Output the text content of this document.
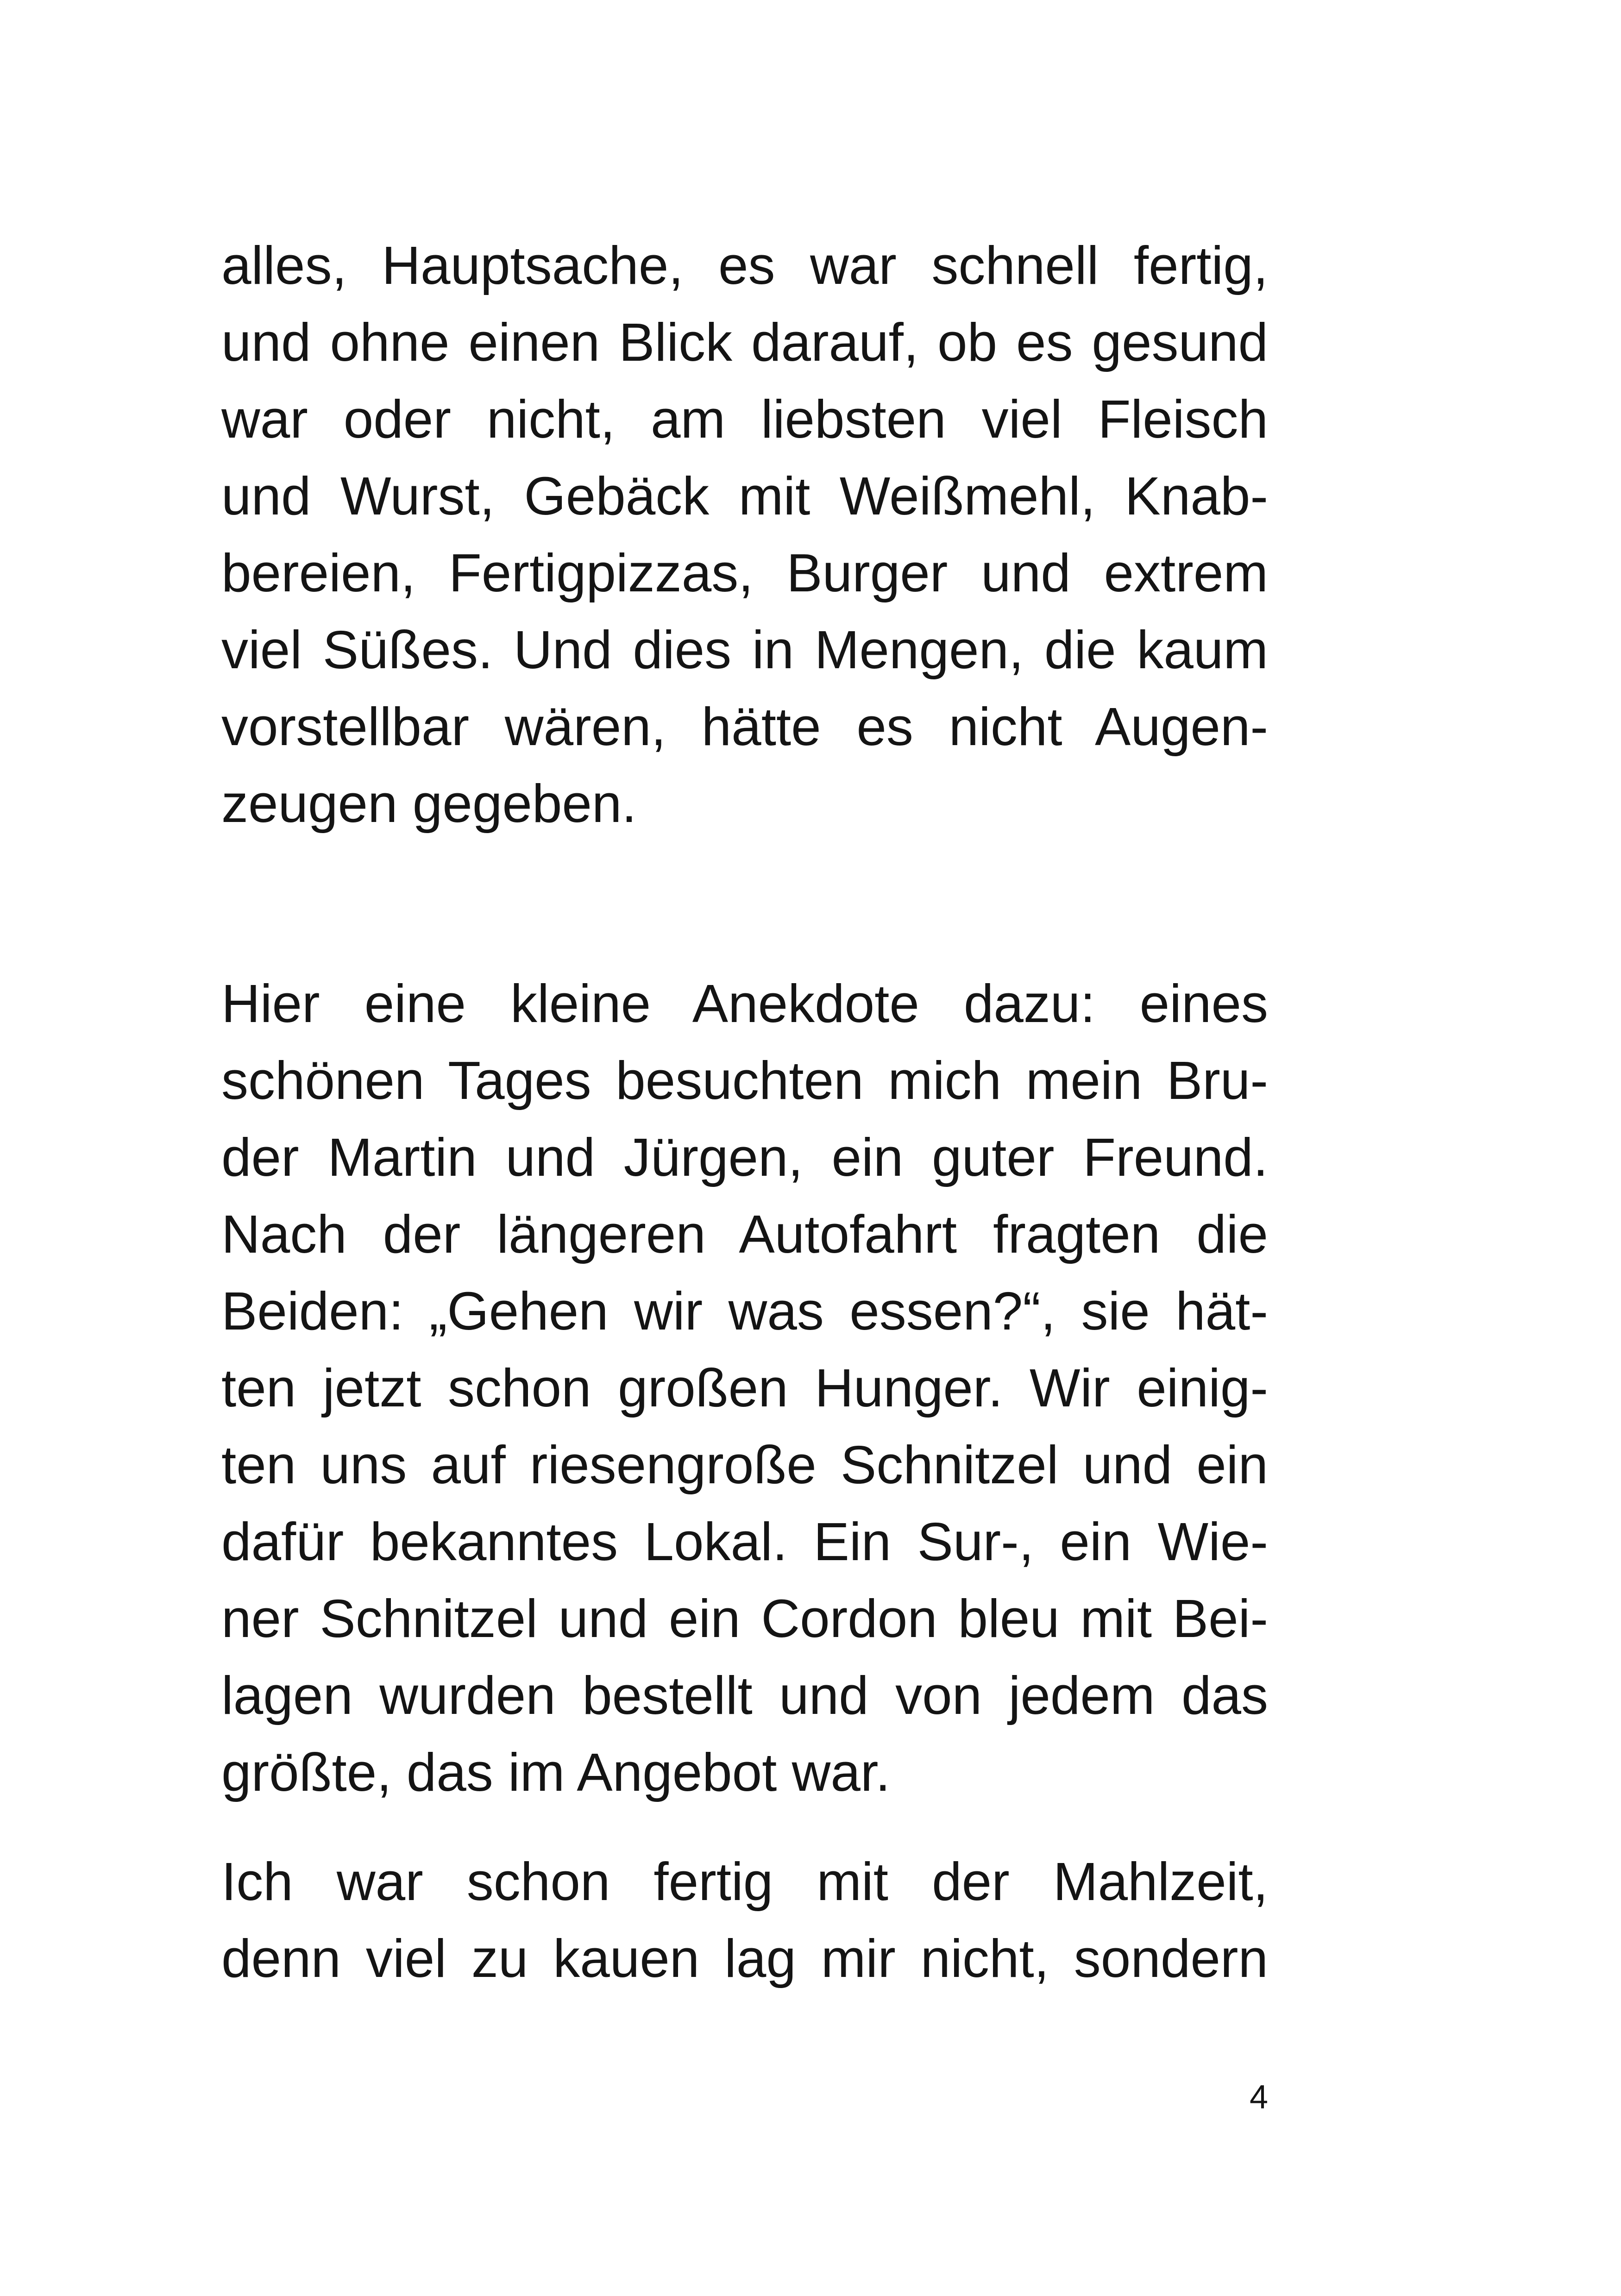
alles, Hauptsache, es war schnell fertig,
und ohne einen Blick darauf, ob es gesund
war oder nicht, am liebsten viel Fleisch
und Wurst, Gebäck mit Weißmehl, Knab-
bereien, Fertigpizzas, Burger und extrem
viel Süßes. Und dies in Mengen, die kaum
vorstellbar wären, hätte es nicht Augen-
zeugen gegeben.
Hier eine kleine Anekdote dazu: eines
schönen Tages besuchten mich mein Bru-
der Martin und Jürgen, ein guter Freund.
Nach der längeren Autofahrt fragten die
Beiden: „Gehen wir was essen?“, sie hät-
ten jetzt schon großen Hunger. Wir einig-
ten uns auf riesengroße Schnitzel und ein
dafür bekanntes Lokal. Ein Sur-, ein Wie-
ner Schnitzel und ein Cordon bleu mit Bei-
lagen wurden bestellt und von jedem das
größte, das im Angebot war.
Ich war schon fertig mit der Mahlzeit,
denn viel zu kauen lag mir nicht, sondern
4
